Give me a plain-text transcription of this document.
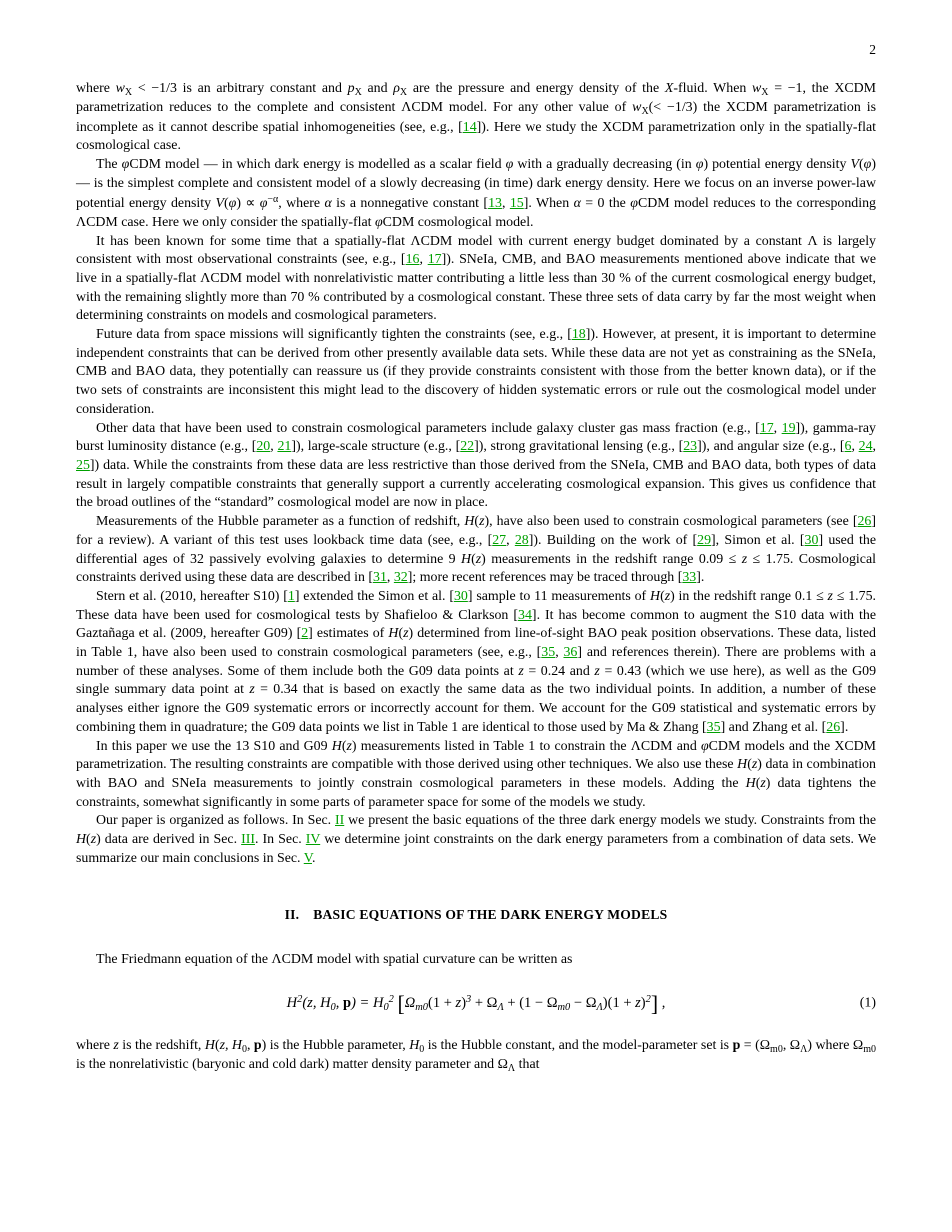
2

where $w_X < -1/3$ is an arbitrary constant and $p_X$ and $\rho_X$ are the pressure and energy density of the X-fluid. When $w_X = -1$, the XCDM parametrization reduces to the complete and consistent ΛCDM model. For any other value of $w_X(< -1/3)$ the XCDM parametrization is incomplete as it cannot describe spatial inhomogeneities (see, e.g., [14]). Here we study the XCDM parametrization only in the spatially-flat cosmological case.

The φCDM model — in which dark energy is modelled as a scalar field φ with a gradually decreasing (in φ) potential energy density V(φ) — is the simplest complete and consistent model of a slowly decreasing (in time) dark energy density. Here we focus on an inverse power-law potential energy density $V(\varphi) \propto \varphi^{-\alpha}$, where α is a nonnegative constant [13, 15]. When α = 0 the φCDM model reduces to the corresponding ΛCDM case. Here we only consider the spatially-flat φCDM cosmological model.

It has been known for some time that a spatially-flat ΛCDM model with current energy budget dominated by a constant Λ is largely consistent with most observational constraints (see, e.g., [16, 17]). SNeIa, CMB, and BAO measurements mentioned above indicate that we live in a spatially-flat ΛCDM model with nonrelativistic matter contributing a little less than 30 % of the current cosmological energy budget, with the remaining slightly more than 70 % contributed by a cosmological constant. These three sets of data carry by far the most weight when determining constraints on models and cosmological parameters.

Future data from space missions will significantly tighten the constraints (see, e.g., [18]). However, at present, it is important to determine independent constraints that can be derived from other presently available data sets. While these data are not yet as constraining as the SNeIa, CMB and BAO data, they potentially can reassure us (if they provide constraints consistent with those from the better known data), or if the two sets of constraints are inconsistent this might lead to the discovery of hidden systematic errors or rule out the cosmological model under consideration.

Other data that have been used to constrain cosmological parameters include galaxy cluster gas mass fraction (e.g., [17, 19]), gamma-ray burst luminosity distance (e.g., [20, 21]), large-scale structure (e.g., [22]), strong gravitational lensing (e.g., [23]), and angular size (e.g., [6, 24, 25]) data. While the constraints from these data are less restrictive than those derived from the SNeIa, CMB and BAO data, both types of data result in largely compatible constraints that generally support a currently accelerating cosmological expansion. This gives us confidence that the broad outlines of the “standard” cosmological model are now in place.

Measurements of the Hubble parameter as a function of redshift, H(z), have also been used to constrain cosmological parameters (see [26] for a review). A variant of this test uses lookback time data (see, e.g., [27, 28]). Building on the work of [29], Simon et al. [30] used the differential ages of 32 passively evolving galaxies to determine 9 H(z) measurements in the redshift range 0.09 ≤ z ≤ 1.75. Cosmological constraints derived using these data are described in [31, 32]; more recent references may be traced through [33].

Stern et al. (2010, hereafter S10) [1] extended the Simon et al. [30] sample to 11 measurements of H(z) in the redshift range 0.1 ≤ z ≤ 1.75. These data have been used for cosmological tests by Shafieloo & Clarkson [34]. It has become common to augment the S10 data with the Gaztañaga et al. (2009, hereafter G09) [2] estimates of H(z) determined from line-of-sight BAO peak position observations. These data, listed in Table 1, have also been used to constrain cosmological parameters (see, e.g., [35, 36] and references therein). There are problems with a number of these analyses. Some of them include both the G09 data points at z = 0.24 and z = 0.43 (which we use here), as well as the G09 single summary data point at z = 0.34 that is based on exactly the same data as the two individual points. In addition, a number of these analyses either ignore the G09 systematic errors or incorrectly account for them. We account for the G09 statistical and systematic errors by combining them in quadrature; the G09 data points we list in Table 1 are identical to those used by Ma & Zhang [35] and Zhang et al. [26].

In this paper we use the 13 S10 and G09 H(z) measurements listed in Table 1 to constrain the ΛCDM and φCDM models and the XCDM parametrization. The resulting constraints are compatible with those derived using other techniques. We also use these H(z) data in combination with BAO and SNeIa measurements to jointly constrain cosmological parameters in these models. Adding the H(z) data tightens the constraints, somewhat significantly in some parts of parameter space for some of the models we study.

Our paper is organized as follows. In Sec. II we present the basic equations of the three dark energy models we study. Constraints from the H(z) data are derived in Sec. III. In Sec. IV we determine joint constraints on the dark energy parameters from a combination of data sets. We summarize our main conclusions in Sec. V.

II. BASIC EQUATIONS OF THE DARK ENERGY MODELS

The Friedmann equation of the ΛCDM model with spatial curvature can be written as

$H^2(z$, $H_0$, $p) = H_0^2$ $[\Omega_{m0}(1 + z)^3 + \Omega_\Lambda + (1 - \Omega_{m0} - \Omega_\Lambda)(1 + z)^2]$ ,	(1)

where z is the redshift, H(z, $H_0$, p) is the Hubble parameter, $H_0$ is the Hubble constant, and the model-parameter set is $p = (\Omega_{m0}$, $\Omega_\Lambda$) where $\Omega_{m0}$ is the nonrelativistic (baryonic and cold dark) matter density parameter and $\Omega_\Lambda$ that
